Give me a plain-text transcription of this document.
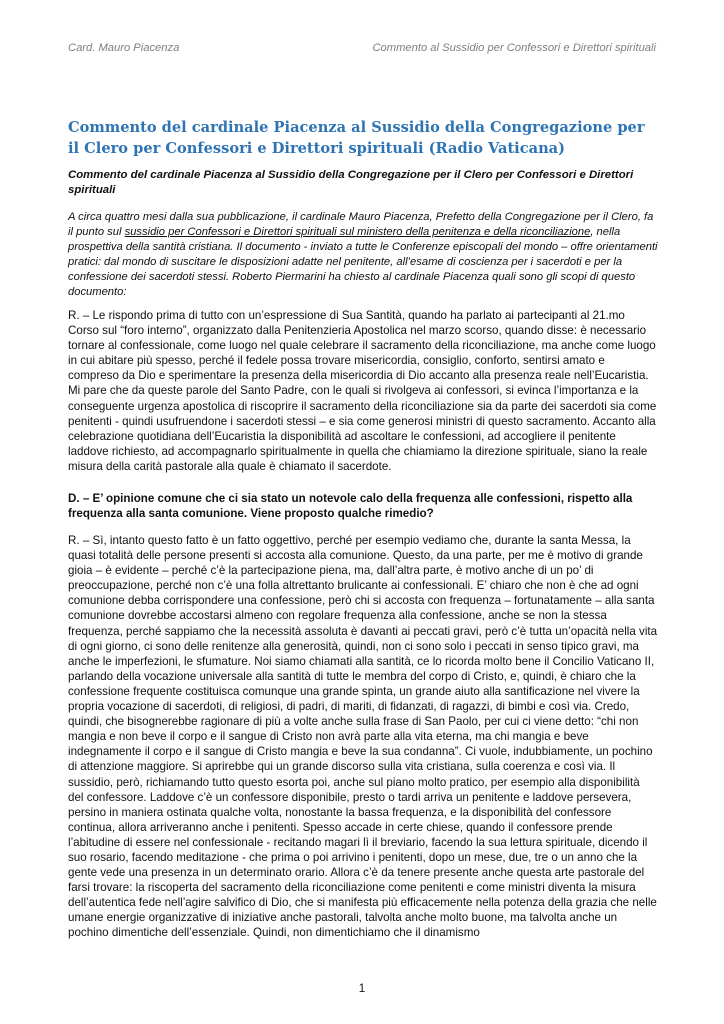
Card. Mauro Piacenza	Commento al Sussidio per Confessori e Direttori spirituali
Commento del cardinale Piacenza al Sussidio della Congregazione per il Clero per Confessori e Direttori spirituali (Radio Vaticana)

Commento del cardinale Piacenza al Sussidio della Congregazione per il Clero per Confessori e Direttori spirituali

A circa quattro mesi dalla sua pubblicazione, il cardinale Mauro Piacenza, Prefetto della Congregazione per il Clero, fa il punto sul sussidio per Confessori e Direttori spirituali sul ministero della penitenza e della riconciliazione, nella prospettiva della santità cristiana. Il documento - inviato a tutte le Conferenze episcopali del mondo – offre orientamenti pratici: dal mondo di suscitare le disposizioni adatte nel penitente, all’esame di coscienza per i sacerdoti e per la confessione dei sacerdoti stessi. Roberto Piermarini ha chiesto al cardinale Piacenza quali sono gli scopi di questo documento:

R. – Le rispondo prima di tutto con un’espressione di Sua Santità, quando ha parlato ai partecipanti al 21.mo Corso sul “foro interno”, organizzato dalla Penitenzieria Apostolica nel marzo scorso, quando disse: è necessario tornare al confessionale, come luogo nel quale celebrare il sacramento della riconciliazione, ma anche come luogo in cui abitare più spesso, perché il fedele possa trovare misericordia, consiglio, conforto, sentirsi amato e compreso da Dio e sperimentare la presenza della misericordia di Dio accanto alla presenza reale nell’Eucaristia. Mi pare che da queste parole del Santo Padre, con le quali si rivolgeva ai confessori, si evinca l’importanza e la conseguente urgenza apostolica di riscoprire il sacramento della riconciliazione sia da parte dei sacerdoti sia come penitenti - quindi usufruendone i sacerdoti stessi – e sia come generosi ministri di questo sacramento. Accanto alla celebrazione quotidiana dell’Eucaristia la disponibilità ad ascoltare le confessioni, ad accogliere il penitente laddove richiesto, ad accompagnarlo spiritualmente in quella che chiamiamo la direzione spirituale, siano la reale misura della carità pastorale alla quale è chiamato il sacerdote.

D. – E’ opinione comune che ci sia stato un notevole calo della frequenza alle confessioni, rispetto alla frequenza alla santa comunione. Viene proposto qualche rimedio?

R. – Sì, intanto questo fatto è un fatto oggettivo, perché per esempio vediamo che, durante la santa Messa, la quasi totalità delle persone presenti si accosta alla comunione. Questo, da una parte, per me è motivo di grande gioia – è evidente – perché c’è la partecipazione piena, ma, dall’altra parte, è motivo anche di un po’ di preoccupazione, perché non c’è una folla altrettanto brulicante ai confessionali. E’ chiaro che non è che ad ogni comunione debba corrispondere una confessione, però chi si accosta con frequenza – fortunatamente – alla santa comunione dovrebbe accostarsi almeno con regolare frequenza alla confessione, anche se non la stessa frequenza, perché sappiamo che la necessità assoluta è davanti ai peccati gravi, però c’è tutta un’opacità nella vita di ogni giorno, ci sono delle renitenze alla generosità, quindi, non ci sono solo i peccati in senso tipico gravi, ma anche le imperfezioni, le sfumature. Noi siamo chiamati alla santità, ce lo ricorda molto bene il Concilio Vaticano II, parlando della vocazione universale alla santità di tutte le membra del corpo di Cristo, e, quindi, è chiaro che la confessione frequente costituisca comunque una grande spinta, un grande aiuto alla santificazione nel vivere la propria vocazione di sacerdoti, di religiosi, di padri, di mariti, di fidanzati, di ragazzi, di bimbi e così via. Credo, quindi, che bisognerebbe ragionare di più a volte anche sulla frase di San Paolo, per cui ci viene detto: “chi non mangia e non beve il corpo e il sangue di Cristo non avrà parte alla vita eterna, ma chi mangia e beve indegnamente il corpo e il sangue di Cristo mangia e beve la sua condanna”. Ci vuole, indubbiamente, un pochino di attenzione maggiore. Si aprirebbe qui un grande discorso sulla vita cristiana, sulla coerenza e così via. Il sussidio, però, richiamando tutto questo esorta poi, anche sul piano molto pratico, per esempio alla disponibilità del confessore. Laddove c’è un confessore disponibile, presto o tardi arriva un penitente e laddove persevera, persino in maniera ostinata qualche volta, nonostante la bassa frequenza, e la disponibilità del confessore continua, allora arriveranno anche i penitenti. Spesso accade in certe chiese, quando il confessore prende l’abitudine di essere nel confessionale - recitando magari lì il breviario, facendo la sua lettura spirituale, dicendo il suo rosario, facendo meditazione - che prima o poi arrivino i penitenti, dopo un mese, due, tre o un anno che la gente vede una presenza in un determinato orario. Allora c’è da tenere presente anche questa arte pastorale del farsi trovare: la riscoperta del sacramento della riconciliazione come penitenti e come ministri diventa la misura dell’autentica fede nell’agire salvifico di Dio, che si manifesta più efficacemente nella potenza della grazia che nelle umane energie organizzative di iniziative anche pastorali, talvolta anche molto buone, ma talvolta anche un pochino dimentiche dell’essenziale. Quindi, non dimentichiamo che il dinamismo

1
